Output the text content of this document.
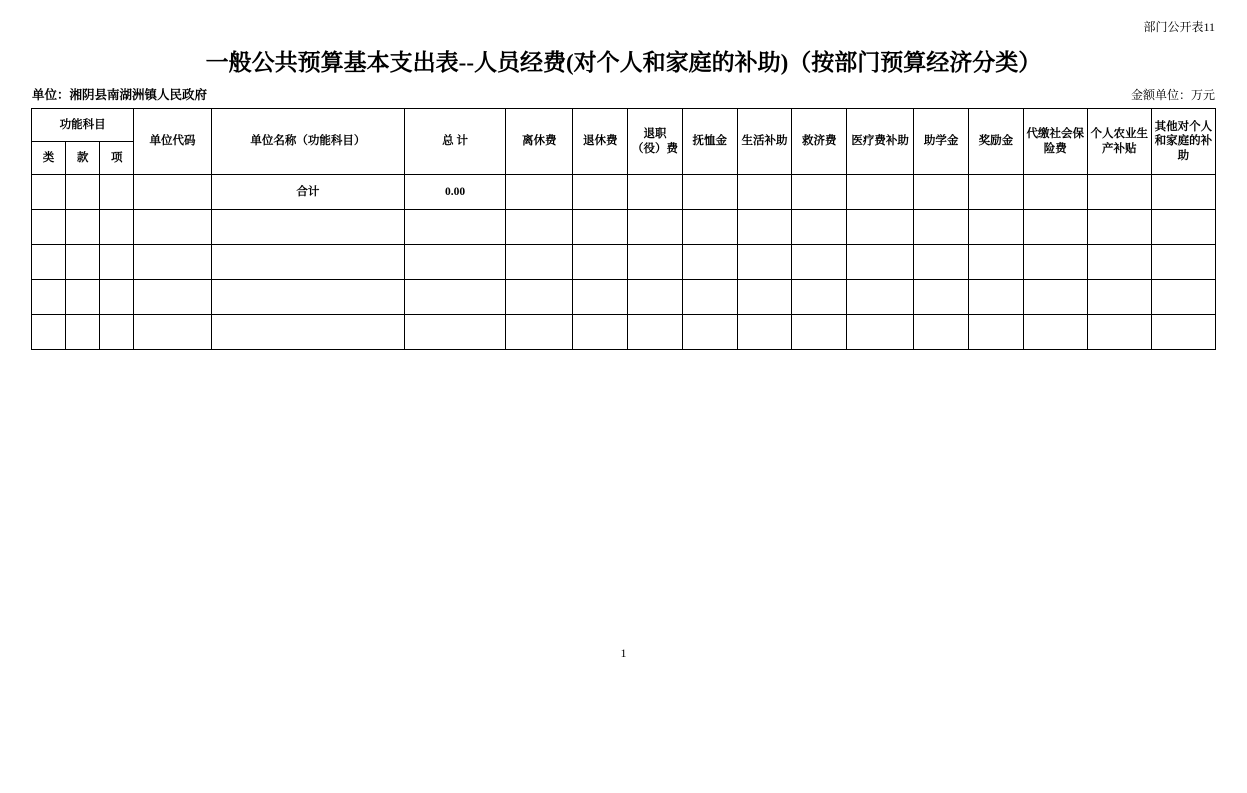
部门公开表11
一般公共预算基本支出表--人员经费(对个人和家庭的补助)（按部门预算经济分类）
单位：湘阴县南湖洲镇人民政府	金额单位：万元
功能科目			单位代码	单位名称（功能科目）	总 计	离休费	退休费	退职（役）费	抚恤金	生活补助	救济费	医疗费补助	助学金	奖励金	代缴社会保险费	个人农业生产补贴	其他对个人和家庭的补助
类	款	项															
				合计	0.00												

1
